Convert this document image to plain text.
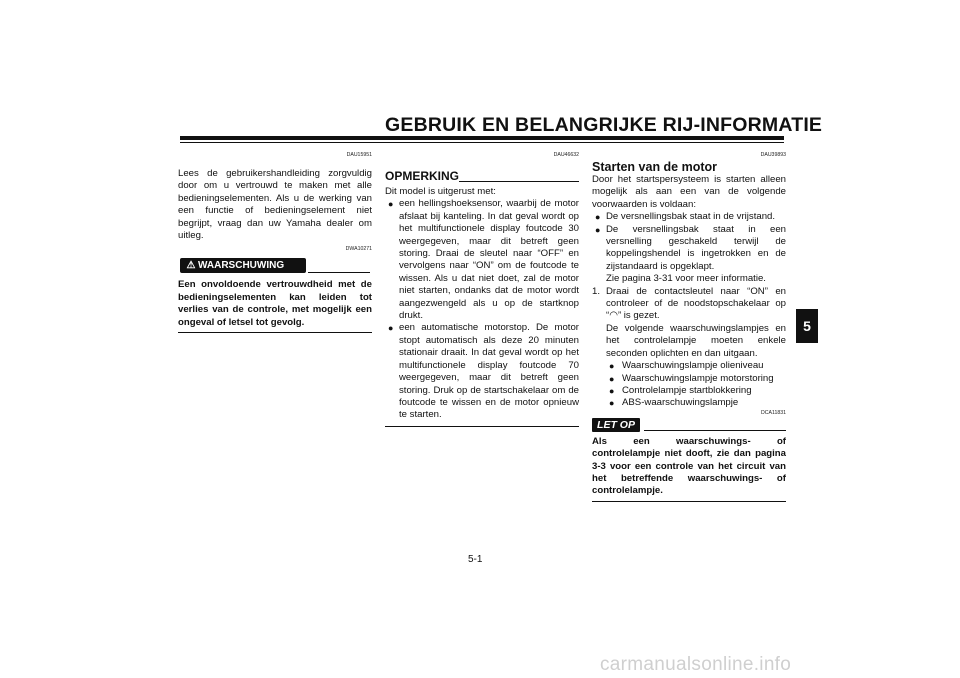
GEBRUIK EN BELANGRIJKE RIJ-INFORMATIE
5
DAU15951

Lees de gebruikershandleiding zorgvuldig door om u vertrouwd te maken met alle bedieningselementen. Als u de werking van een functie of bedieningselement niet begrijpt, vraag dan uw Yamaha dealer om uitleg.

DWA10271
⚠ WAARSCHUWING

Een onvoldoende vertrouwdheid met de bedieningselementen kan leiden tot verlies van de controle, met mogelijk een ongeval of letsel tot gevolg.

DAU46632
OPMERKING

Dit model is uitgerust met:

● een hellingshoeksensor, waarbij de motor afslaat bij kanteling. In dat geval wordt op het multifunctionele display foutcode 30 weergegeven, maar dit betreft geen storing. Draai de sleutel naar “OFF” en vervolgens naar “ON” om de foutcode te wissen. Als u dat niet doet, zal de motor niet starten, ondanks dat de motor wordt aangezwengeld als u op de startknop drukt.
● een automatische motorstop. De motor stopt automatisch als deze 20 minuten stationair draait. In dat geval wordt op het multifunctionele display foutcode 70 weergegeven, maar dit betreft geen storing. Druk op de startschakelaar om de foutcode te wissen en de motor opnieuw te starten.
DAU39893
Starten van de motor

Door het startspersysteem is starten alleen mogelijk als aan een van de volgende voorwaarden is voldaan:

● De versnellingsbak staat in de vrijstand.
● De versnellingsbak staat in een versnelling geschakeld terwijl de koppelingshendel is ingetrokken en de zijstandaard is opgeklapt.

Zie pagina 3-31 voor meer informatie.

1. Draai de contactsleutel naar “ON” en controleer of de noodstopschakelaar op “◠” is gezet.

De volgende waarschuwingslampjes en het controlelampje moeten enkele seconden oplichten en dan uitgaan.

● Waarschuwingslampje olieniveau
● Waarschuwingslampje motorstoring
● Controlelampje startblokkering
● ABS-waarschuwingslampje
DCA11831
LET OP

Als een waarschuwings- of controlelampje niet dooft, zie dan pagina 3-3 voor een controle van het circuit van het betreffende waarschuwings- of controlelampje.

5-1
carmanualsonline.info
